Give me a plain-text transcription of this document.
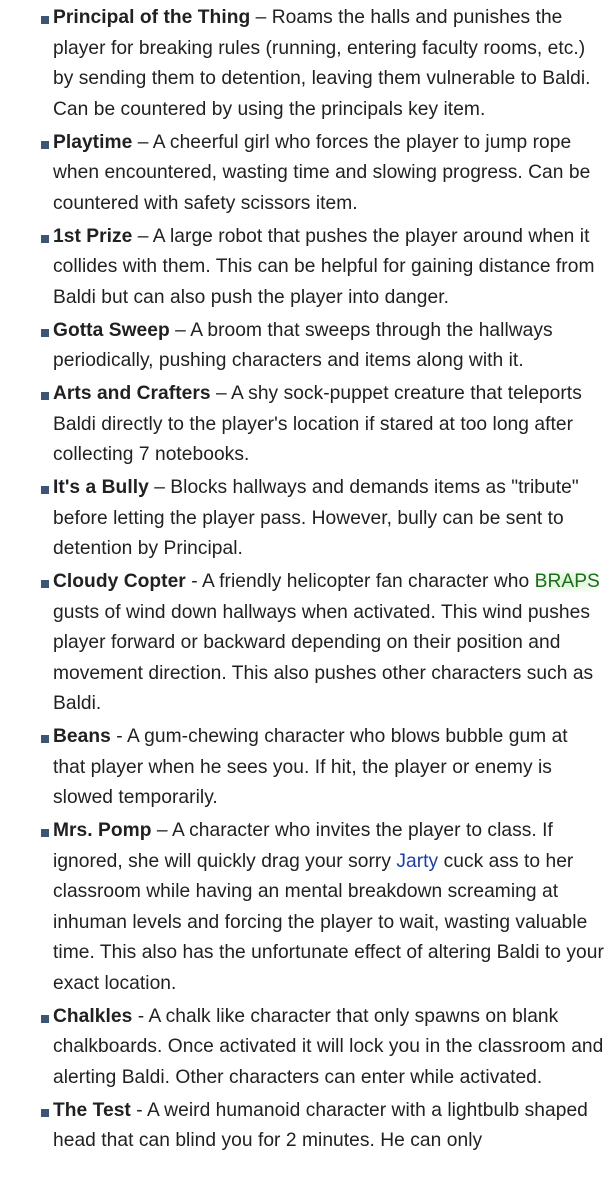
Principal of the Thing – Roams the halls and punishes the player for breaking rules (running, entering faculty rooms, etc.) by sending them to detention, leaving them vulnerable to Baldi. Can be countered by using the principals key item.
Playtime – A cheerful girl who forces the player to jump rope when encountered, wasting time and slowing progress. Can be countered with safety scissors item.
1st Prize – A large robot that pushes the player around when it collides with them. This can be helpful for gaining distance from Baldi but can also push the player into danger.
Gotta Sweep – A broom that sweeps through the hallways periodically, pushing characters and items along with it.
Arts and Crafters – A shy sock-puppet creature that teleports Baldi directly to the player's location if stared at too long after collecting 7 notebooks.
It's a Bully – Blocks hallways and demands items as "tribute" before letting the player pass. However, bully can be sent to detention by Principal.
Cloudy Copter - A friendly helicopter fan character who BRAPS gusts of wind down hallways when activated. This wind pushes player forward or backward depending on their position and movement direction. This also pushes other characters such as Baldi.
Beans - A gum-chewing character who blows bubble gum at that player when he sees you. If hit, the player or enemy is slowed temporarily.
Mrs. Pomp – A character who invites the player to class. If ignored, she will quickly drag your sorry Jarty cuck ass to her classroom while having an mental breakdown screaming at inhuman levels and forcing the player to wait, wasting valuable time. This also has the unfortunate effect of altering Baldi to your exact location.
Chalkles - A chalk like character that only spawns on blank chalkboards. Once activated it will lock you in the classroom and alerting Baldi. Other characters can enter while activated.
The Test - A weird humanoid character with a lightbulb shaped head that can blind you for 2 minutes. He can only
